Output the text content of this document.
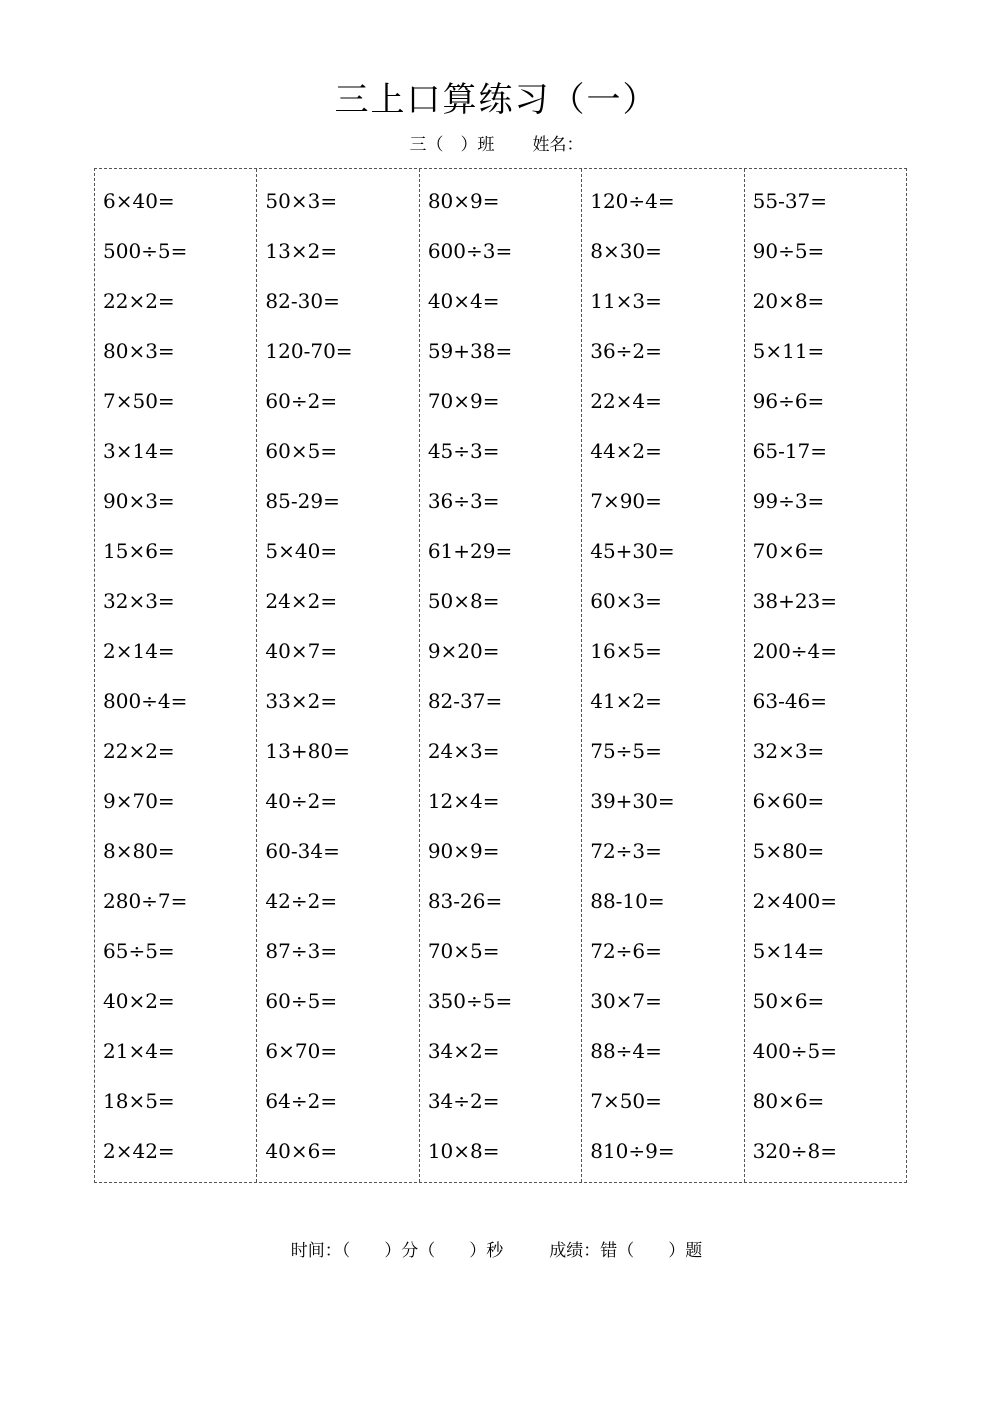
三上口算练习（一）
三（　）班 姓名：
6×40=
500÷5=
22×2=
80×3=
7×50=
3×14=
90×3=
15×6=
32×3=
2×14=
800÷4=
22×2=
9×70=
8×80=
280÷7=
65÷5=
40×2=
21×4=
18×5=
2×42=
50×3=
13×2=
82-30=
120-70=
60÷2=
60×5=
85-29=
5×40=
24×2=
40×7=
33×2=
13+80=
40÷2=
60-34=
42÷2=
87÷3=
60÷5=
6×70=
64÷2=
40×6=
80×9=
600÷3=
40×4=
59+38=
70×9=
45÷3=
36÷3=
61+29=
50×8=
9×20=
82-37=
24×3=
12×4=
90×9=
83-26=
70×5=
350÷5=
34×2=
34÷2=
10×8=
120÷4=
8×30=
11×3=
36÷2=
22×4=
44×2=
7×90=
45+30=
60×3=
16×5=
41×2=
75÷5=
39+30=
72÷3=
88-10=
72÷6=
30×7=
88÷4=
7×50=
810÷9=
55-37=
90÷5=
20×8=
5×11=
96÷6=
65-17=
99÷3=
70×6=
38+23=
200÷4=
63-46=
32×3=
6×60=
5×80=
2×400=
5×14=
50×6=
400÷5=
80×6=
320÷8=
时间：（　　）分（　　）秒	成绩：错（　　）题
